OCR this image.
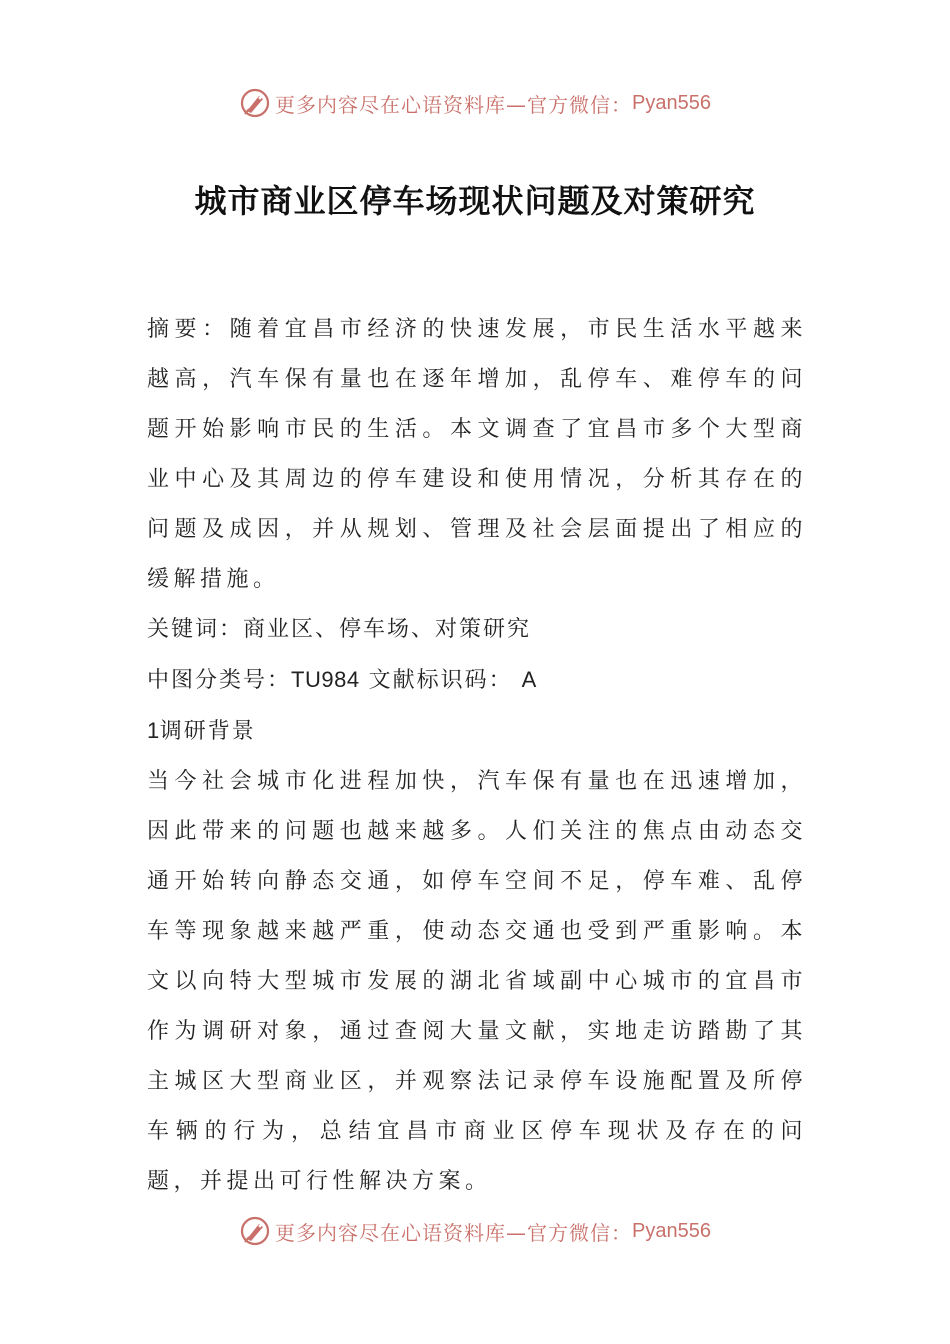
更多内容尽在心语资料库—官方微信： Pyan556
城市商业区停车场现状问题及对策研究

摘要：随着宜昌市经济的快速发展，市民生活水平越来越高，汽车保有量也在逐年增加，乱停车、难停车的问题开始影响市民的生活。本文调查了宜昌市多个大型商业中心及其周边的停车建设和使用情况，分析其存在的问题及成因，并从规划、管理及社会层面提出了相应的缓解措施。

关键词：商业区、停车场、对策研究

中图分类号：TU984 文献标识码： A

1调研背景

当今社会城市化进程加快，汽车保有量也在迅速增加，因此带来的问题也越来越多。人们关注的焦点由动态交通开始转向静态交通，如停车空间不足，停车难、乱停车等现象越来越严重，使动态交通也受到严重影响。本文以向特大型城市发展的湖北省域副中心城市的宜昌市作为调研对象，通过查阅大量文献，实地走访踏勘了其主城区大型商业区，并观察法记录停车设施配置及所停车辆的行为，总结宜昌市商业区停车现状及存在的问题，并提出可行性解决方案。

更多内容尽在心语资料库—官方微信： Pyan556
